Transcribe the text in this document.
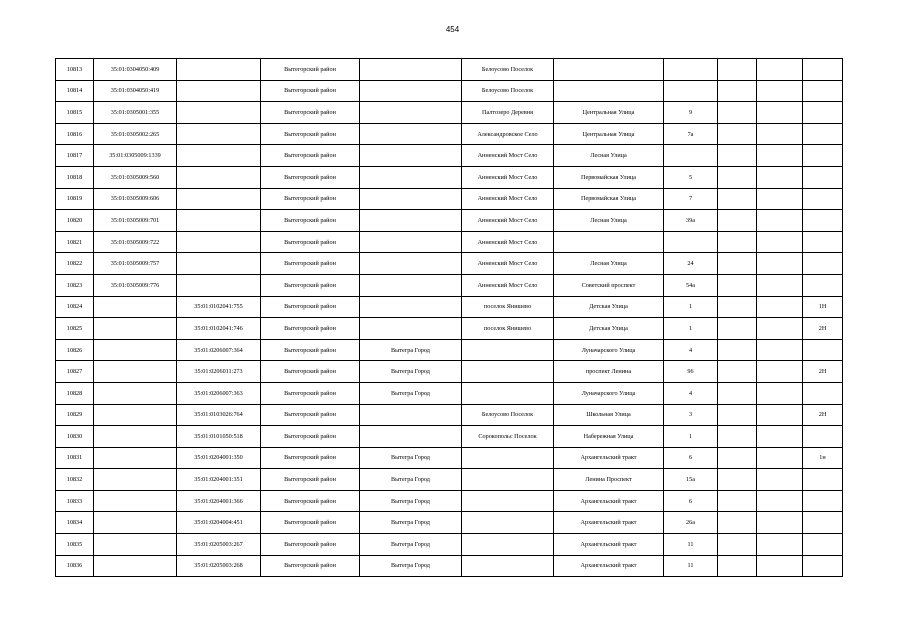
454
10813	35:01:0304050:409		Вытегорский район		Белоусово Поселок					
10814	35:01:0304050:419		Вытегорский район		Белоусово Поселок					
10815	35:01:0305001:355		Вытегорский район		Палтозеро Деревня	Центральная Улица	9			
10816	35:01:0305002:265		Вытегорский район		Александровское Село	Центральная Улица	7а			
10817	35:01:0305009:1339		Вытегорский район		Анненский Мост Село	Лесная Улица				
10818	35:01:0305009:560		Вытегорский район		Анненский Мост Село	Первомайская Улица	5			
10819	35:01:0305009:606		Вытегорский район		Анненский Мост Село	Первомайская Улица	7			
10820	35:01:0305009:701		Вытегорский район		Анненский Мост Село	Лесная Улица	39а			
10821	35:01:0305009:722		Вытегорский район		Анненский Мост Село					
10822	35:01:0305009:757		Вытегорский район		Анненский Мост Село	Лесная Улица	24			
10823	35:01:0305009:776		Вытегорский район		Анненский Мост Село	Советский проспект	54а			
10824		35:01:0102041:755	Вытегорский район		поселок Янишево	Детская Улица	1			1Н
10825		35:01:0102041:746	Вытегорский район		поселок Янишево	Детская Улица	1			2Н
10826		35:01:0206007:364	Вытегорский район	Вытегра Город		Луначарского Улица	4			
10827		35:01:0206011:273	Вытегорский район	Вытегра Город		проспект Ленина	96			2Н
10828		35:01:0206007:363	Вытегорский район	Вытегра Город		Луначарского Улица	4			
10829		35:01:0103026:764	Вытегорский район		Белоусово Поселок	Школьная Улица	3			2Н
10830		35:01:0101050:518	Вытегорский район		Сорокопольс Поселок	Набережная Улица	1			
10831		35:01:0204001:350	Вытегорский район	Вытегра Город		Архангельский тракт	6			1н
10832		35:01:0204001:351	Вытегорский район	Вытегра Город		Ленина Проспект	15а			
10833		35:01:0204001:366	Вытегорский район	Вытегра Город		Архангельский тракт	6			
10834		35:01:0204004:451	Вытегорский район	Вытегра Город		Архангельский тракт	26а			
10835		35:01:0205003:267	Вытегорский район	Вытегра Город		Архангельский тракт	11			
10836		35:01:0205003:268	Вытегорский район	Вытегра Город		Архангельский тракт	11			
